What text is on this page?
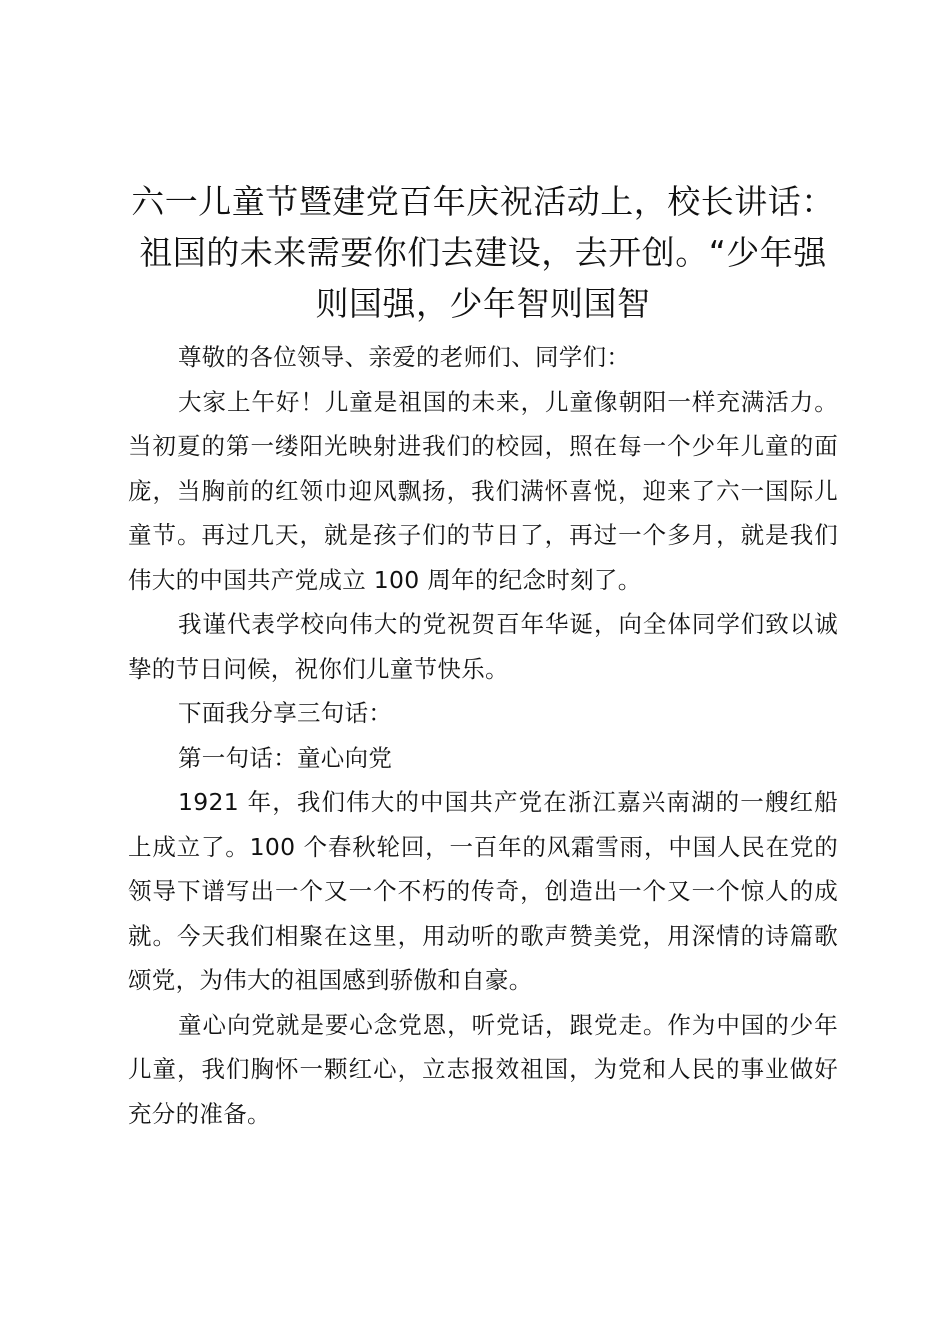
六一儿童节暨建党百年庆祝活动上，校长讲话：祖国的未来需要你们去建设，去开创。“少年强则国强，少年智则国智

尊敬的各位领导、亲爱的老师们、同学们：

大家上午好！儿童是祖国的未来，儿童像朝阳一样充满活力。当初夏的第一缕阳光映射进我们的校园，照在每一个少年儿童的面庞，当胸前的红领巾迎风飘扬，我们满怀喜悦，迎来了六一国际儿童节。再过几天，就是孩子们的节日了，再过一个多月，就是我们伟大的中国共产党成立 100 周年的纪念时刻了。

我谨代表学校向伟大的党祝贺百年华诞，向全体同学们致以诚挚的节日问候，祝你们儿童节快乐。

下面我分享三句话：

第一句话：童心向党

1921 年，我们伟大的中国共产党在浙江嘉兴南湖的一艘红船上成立了。100 个春秋轮回，一百年的风霜雪雨，中国人民在党的领导下谱写出一个又一个不朽的传奇，创造出一个又一个惊人的成就。今天我们相聚在这里，用动听的歌声赞美党，用深情的诗篇歌颂党，为伟大的祖国感到骄傲和自豪。

童心向党就是要心念党恩，听党话，跟党走。作为中国的少年儿童，我们胸怀一颗红心，立志报效祖国，为党和人民的事业做好充分的准备。
